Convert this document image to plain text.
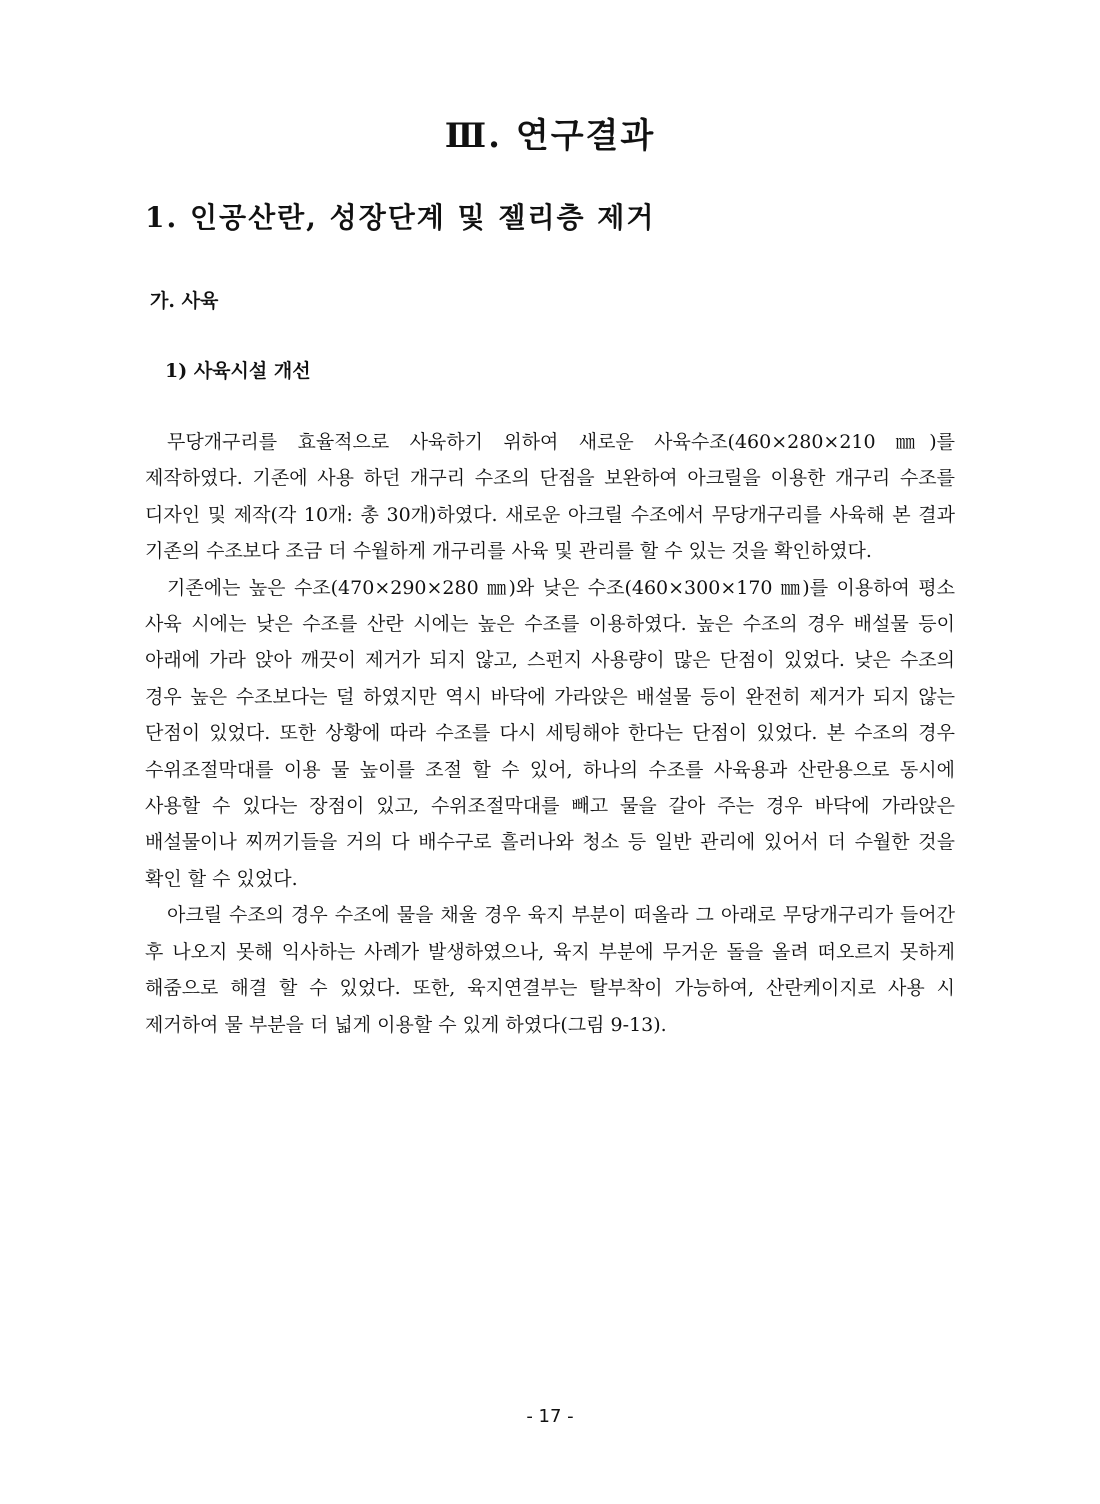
Ⅲ. 연구결과
1. 인공산란, 성장단계 및 젤리층 제거
가. 사육
1) 사육시설 개선

무당개구리를 효율적으로 사육하기 위하여 새로운 사육수조(460×280×210 ㎜)를 제작하였다. 기존에 사용 하던 개구리 수조의 단점을 보완하여 아크릴을 이용한 개구리 수조를 디자인 및 제작(각 10개: 총 30개)하였다. 새로운 아크릴 수조에서 무당개구리를 사육해 본 결과 기존의 수조보다 조금 더 수월하게 개구리를 사육 및 관리를 할 수 있는 것을 확인하였다.

기존에는 높은 수조(470×290×280 ㎜)와 낮은 수조(460×300×170 ㎜)를 이용하여 평소 사육 시에는 낮은 수조를 산란 시에는 높은 수조를 이용하였다. 높은 수조의 경우 배설물 등이 아래에 가라 앉아 깨끗이 제거가 되지 않고, 스펀지 사용량이 많은 단점이 있었다. 낮은 수조의 경우 높은 수조보다는 덜 하였지만 역시 바닥에 가라앉은 배설물 등이 완전히 제거가 되지 않는 단점이 있었다. 또한 상황에 따라 수조를 다시 세팅해야 한다는 단점이 있었다. 본 수조의 경우 수위조절막대를 이용 물 높이를 조절 할 수 있어, 하나의 수조를 사육용과 산란용으로 동시에 사용할 수 있다는 장점이 있고, 수위조절막대를 빼고 물을 갈아 주는 경우 바닥에 가라앉은 배설물이나 찌꺼기들을 거의 다 배수구로 흘러나와 청소 등 일반 관리에 있어서 더 수월한 것을 확인 할 수 있었다.

아크릴 수조의 경우 수조에 물을 채울 경우 육지 부분이 떠올라 그 아래로 무당개구리가 들어간 후 나오지 못해 익사하는 사례가 발생하였으나, 육지 부분에 무거운 돌을 올려 떠오르지 못하게 해줌으로 해결 할 수 있었다. 또한, 육지연결부는 탈부착이 가능하여, 산란케이지로 사용 시 제거하여 물 부분을 더 넓게 이용할 수 있게 하였다(그림 9-13).

- 17 -
